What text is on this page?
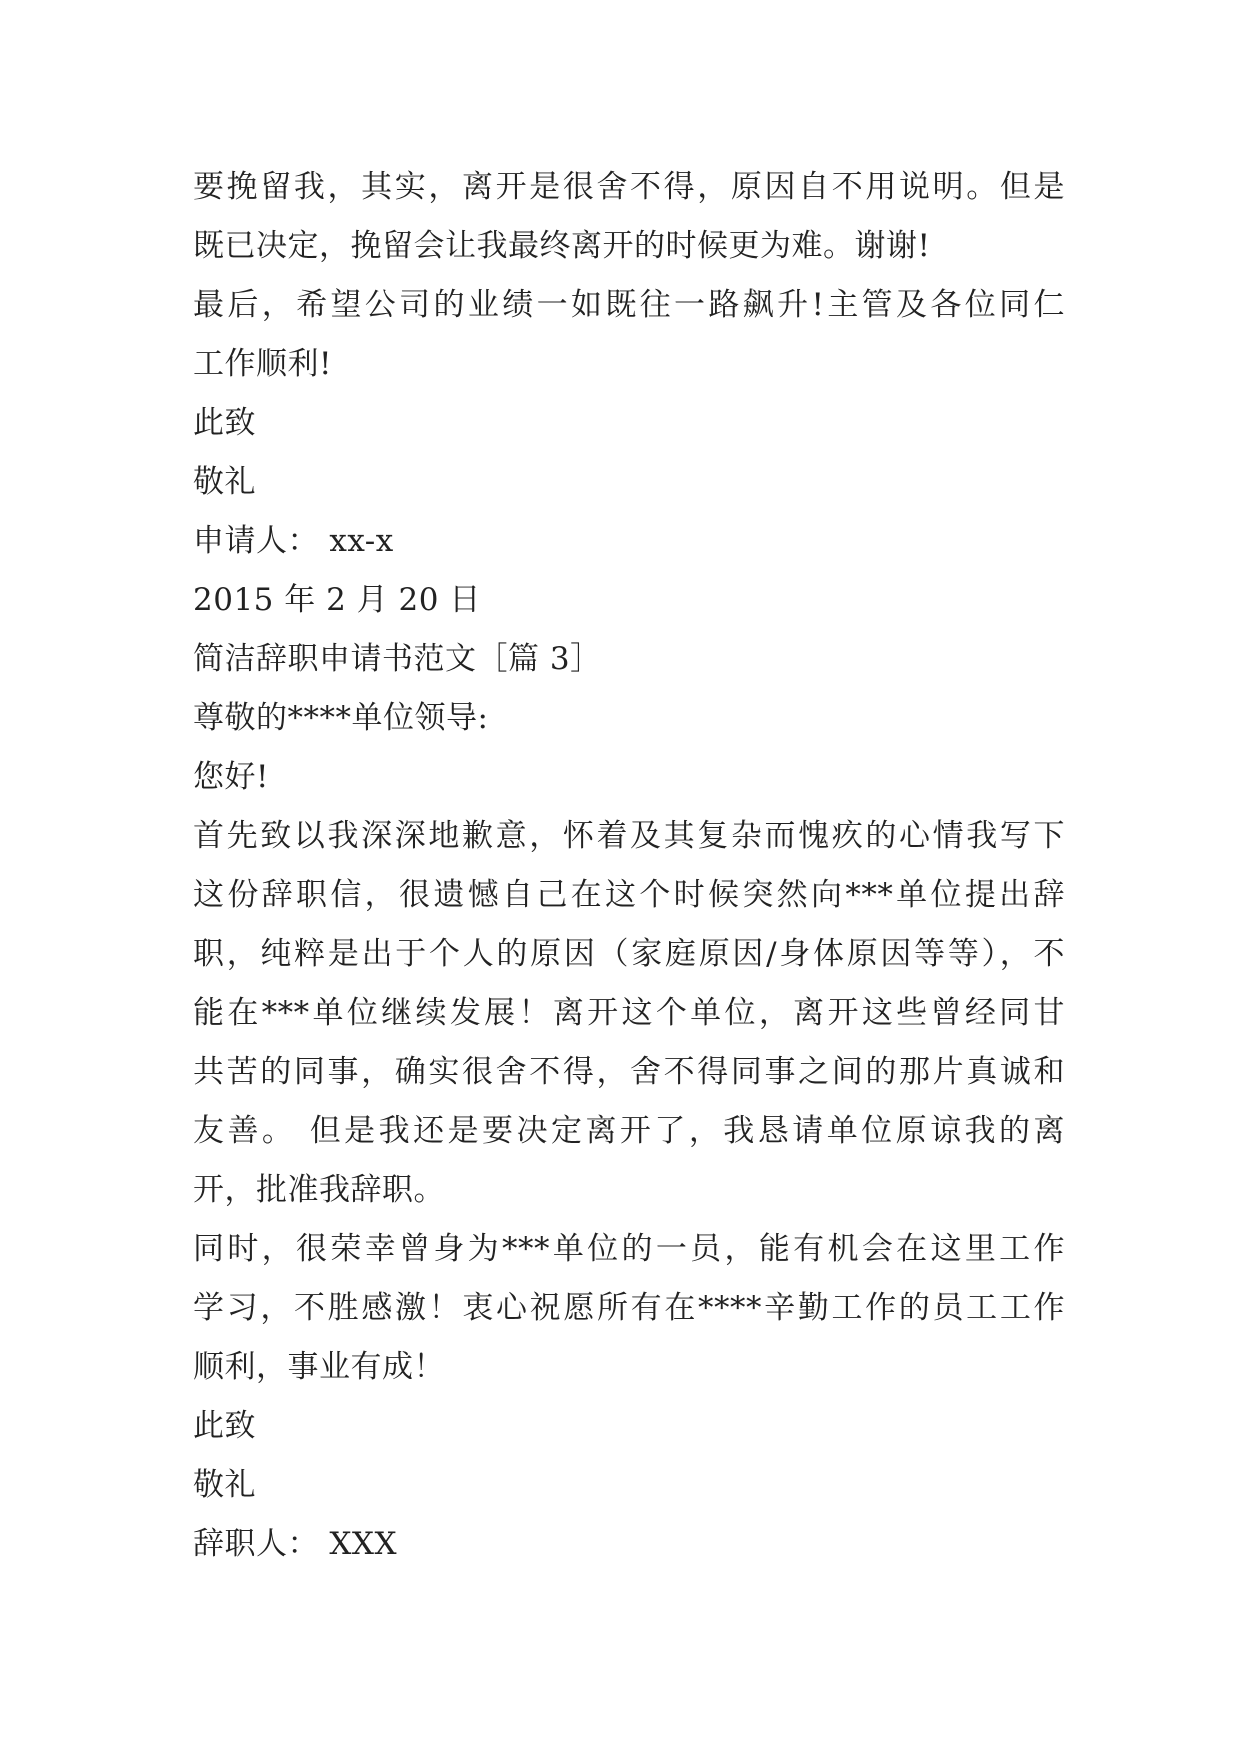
要挽留我，其实，离开是很舍不得，原因自不用说明。但是
既已决定，挽留会让我最终离开的时候更为难。谢谢!
最后，希望公司的业绩一如既往一路飙升!主管及各位同仁
工作顺利!
此致
敬礼
申请人： xx-x
2015 年 2 月 20 日
简洁辞职申请书范文［篇 3］
尊敬的****单位领导:
您好!
首先致以我深深地歉意，怀着及其复杂而愧疚的心情我写下
这份辞职信，很遗憾自己在这个时候突然向***单位提出辞
职，纯粹是出于个人的原因（家庭原因/身体原因等等），不
能在***单位继续发展！离开这个单位，离开这些曾经同甘
共苦的同事，确实很舍不得，舍不得同事之间的那片真诚和
友善。 但是我还是要决定离开了，我恳请单位原谅我的离
开，批准我辞职。
同时，很荣幸曾身为***单位的一员，能有机会在这里工作
学习，不胜感激！衷心祝愿所有在****辛勤工作的员工工作
顺利，事业有成！
此致
敬礼
辞职人： XXX
